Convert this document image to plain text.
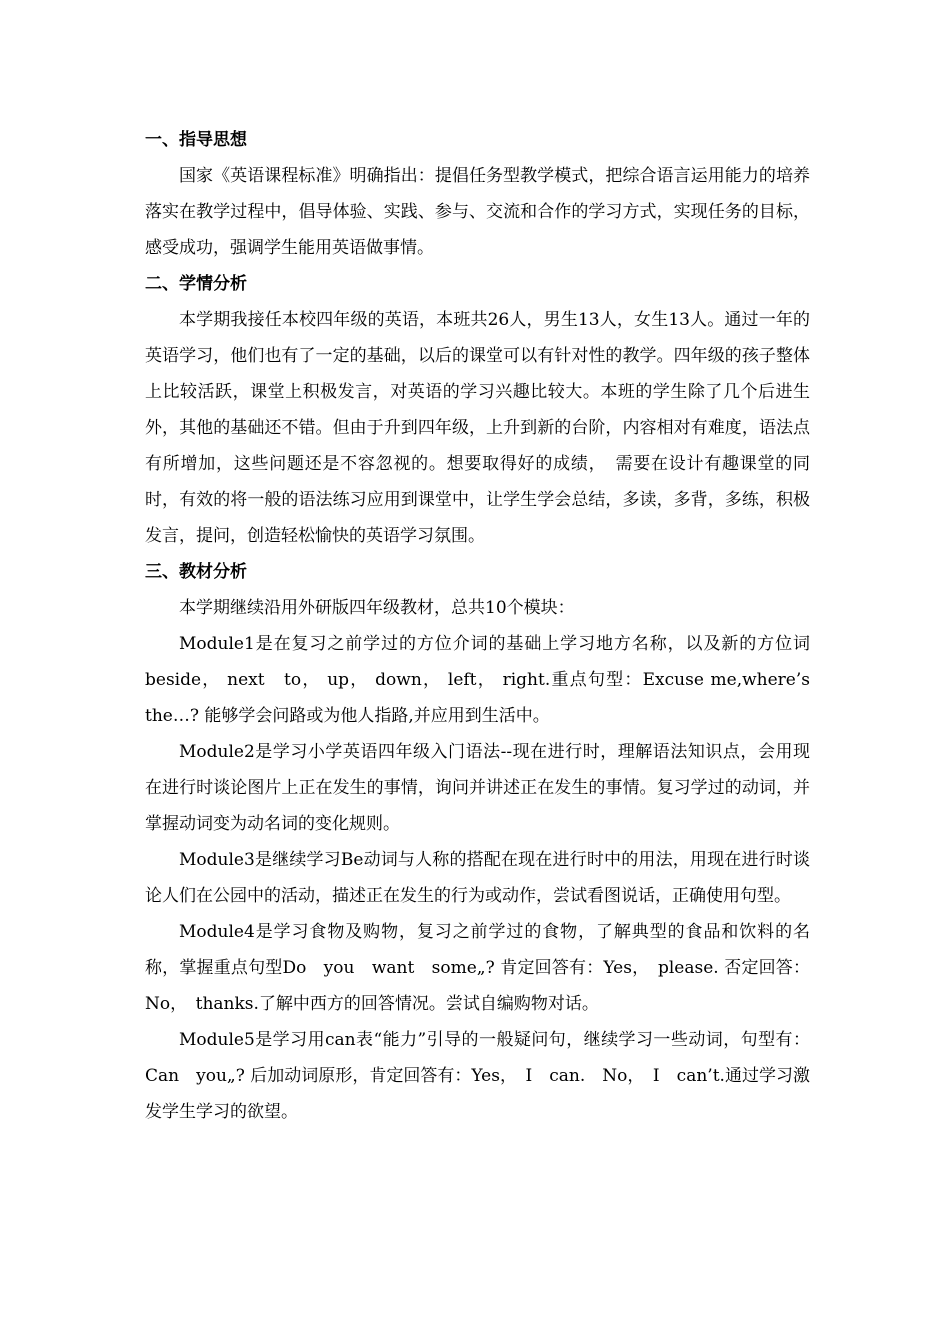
一、指导思想

国家《英语课程标准》明确指出：提倡任务型教学模式，把综合语言运用能力的培养落实在教学过程中，倡导体验、实践、参与、交流和合作的学习方式，实现任务的目标，感受成功，强调学生能用英语做事情。

二、学情分析

本学期我接任本校四年级的英语，本班共26人，男生13人，女生13人。通过一年的英语学习，他们也有了一定的基础，以后的课堂可以有针对性的教学。四年级的孩子整体上比较活跃，课堂上积极发言，对英语的学习兴趣比较大。本班的学生除了几个后进生外，其他的基础还不错。但由于升到四年级，上升到新的台阶，内容相对有难度，语法点有所增加，这些问题还是不容忽视的。想要取得好的成绩，　需要在设计有趣课堂的同时，有效的将一般的语法练习应用到课堂中，让学生学会总结，多读，多背，多练，积极发言，提问，创造轻松愉快的英语学习氛围。

三、教材分析

本学期继续沿用外研版四年级教材，总共10个模块：

Module1是在复习之前学过的方位介词的基础上学习地方名称，以及新的方位词 beside， next　to， up， down， left， right.重点句型：Excuse me,where’s the…? 能够学会问路或为他人指路,并应用到生活中。

Module2是学习小学英语四年级入门语法--现在进行时，理解语法知识点，会用现在进行时谈论图片上正在发生的事情，询问并讲述正在发生的事情。复习学过的动词，并掌握动词变为动名词的变化规则。

Module3是继续学习Be动词与人称的搭配在现在进行时中的用法，用现在进行时谈论人们在公园中的活动，描述正在发生的行为或动作，尝试看图说话，正确使用句型。

Module4是学习食物及购物，复习之前学过的食物，了解典型的食品和饮料的名称，掌握重点句型Do　you　want　some„? 肯定回答有：Yes，　please. 否定回答：No，　thanks.了解中西方的回答情况。尝试自编购物对话。

Module5是学习用can表“能力”引导的一般疑问句，继续学习一些动词，句型有：Can　you„? 后加动词原形，肯定回答有：Yes，　I　can.　No，　I　can’t.通过学习激发学生学习的欲望。
